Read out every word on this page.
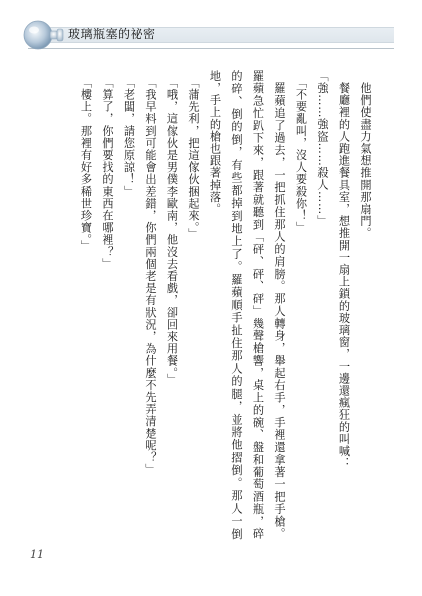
玻璃瓶塞的祕密

　他們使盡力氣想推開那扇門。

　餐廳裡的人跑進餐具室，想推開一扇上鎖的玻璃窗，一邊還瘋狂的叫喊：

「強……強盜……殺人……」

　「不要亂叫，沒人要殺你！」

　羅蘋追了過去，一把抓住那人的肩膀。那人轉身，舉起右手，手裡還拿著一把手槍。羅蘋急忙趴下來，跟著就聽到「砰、砰、砰」幾聲槍響，桌上的碗、盤和葡萄酒瓶，碎的碎、倒的倒，有些都掉到地上了。羅蘋順手扯住那人的腿，並將他摺倒。那人一倒地，手上的槍也跟著掉落。

　「蒲先利，把這傢伙捆起來。」

　「哦，這傢伙是男僕李歐南，他沒去看戲，卻回來用餐。」

　「我早料到可能會出差錯，你們兩個老是有狀況，為什麼不先弄清楚呢？」

　「老闆，請您原諒！」

　「算了，你們要找的東西在哪裡？」

　「樓上。那裡有好多稀世珍寶。」

11
